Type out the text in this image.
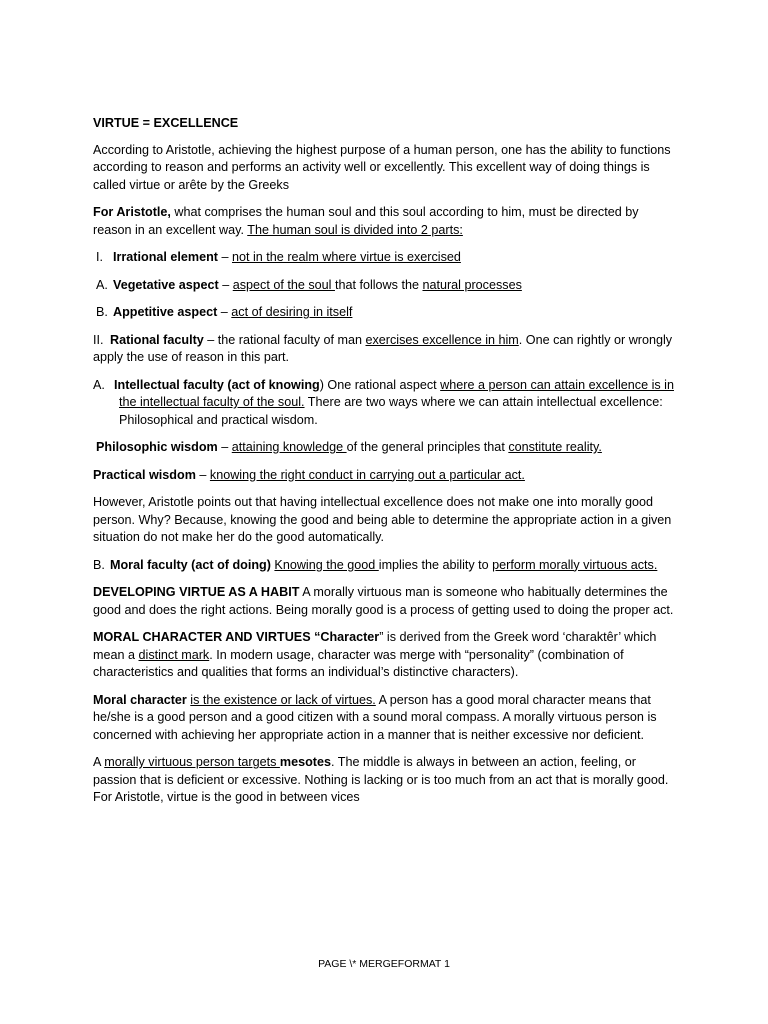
VIRTUE = EXCELLENCE

According to Aristotle, achieving the highest purpose of a human person, one has the ability to functions according to reason and performs an activity well or excellently. This excellent way of doing things is called virtue or arête by the Greeks

For Aristotle, what comprises the human soul and this soul according to him, must be directed by reason in an excellent way. The human soul is divided into 2 parts:

I. Irrational element – not in the realm where virtue is exercised

A. Vegetative aspect – aspect of the soul that follows the natural processes

B. Appetitive aspect – act of desiring in itself

II. Rational faculty – the rational faculty of man exercises excellence in him. One can rightly or wrongly apply the use of reason in this part.

A. Intellectual faculty (act of knowing) One rational aspect where a person can attain excellence is in the intellectual faculty of the soul. There are two ways where we can attain intellectual excellence: Philosophical and practical wisdom.

Philosophic wisdom – attaining knowledge of the general principles that constitute reality.

Practical wisdom – knowing the right conduct in carrying out a particular act.

However, Aristotle points out that having intellectual excellence does not make one into morally good person. Why? Because, knowing the good and being able to determine the appropriate action in a given situation do not make her do the good automatically.

B. Moral faculty (act of doing) Knowing the good implies the ability to perform morally virtuous acts.

DEVELOPING VIRTUE AS A HABIT A morally virtuous man is someone who habitually determines the good and does the right actions. Being morally good is a process of getting used to doing the proper act.

MORAL CHARACTER AND VIRTUES “Character” is derived from the Greek word ‘charaktêr’ which mean a distinct mark. In modern usage, character was merge with “personality” (combination of characteristics and qualities that forms an individual’s distinctive characters).

Moral character is the existence or lack of virtues. A person has a good moral character means that he/she is a good person and a good citizen with a sound moral compass. A morally virtuous person is concerned with achieving her appropriate action in a manner that is neither excessive nor deficient.

A morally virtuous person targets mesotes. The middle is always in between an action, feeling, or passion that is deficient or excessive. Nothing is lacking or is too much from an act that is morally good. For Aristotle, virtue is the good in between vices

PAGE \* MERGEFORMAT 1
